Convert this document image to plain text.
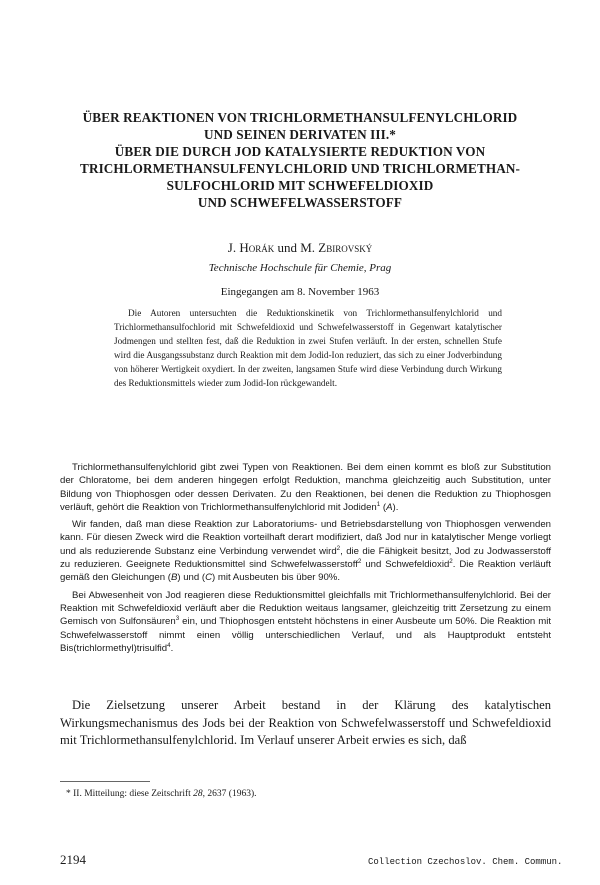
ÜBER REAKTIONEN VON TRICHLORMETHANSULFENYLCHLORID
UND SEINEN DERIVATEN III.*
ÜBER DIE DURCH JOD KATALYSIERTE REDUKTION VON
TRICHLORMETHANSULFENYLCHLORID UND TRICHLORMETHAN-
SULFOCHLORID MIT SCHWEFELDIOXID
UND SCHWEFELWASSERSTOFF
J. Horák und M. Zbirovský
Technische Hochschule für Chemie, Prag
Eingegangen am 8. November 1963

Die Autoren untersuchten die Reduktionskinetik von Trichlormethansulfenylchlorid und Trichlormethansulfochlorid mit Schwefeldioxid und Schwefelwasserstoff in Gegenwart katalytischer Jodmengen und stellten fest, daß die Reduktion in zwei Stufen verläuft. In der ersten, schnellen Stufe wird die Ausgangssubstanz durch Reaktion mit dem Jodid-Ion reduziert, das sich zu einer Jodverbindung von höherer Wertigkeit oxydiert. In der zweiten, langsamen Stufe wird diese Verbindung durch Wirkung des Reduktionsmittels wieder zum Jodid-Ion rückgewandelt.

Trichlormethansulfenylchlorid gibt zwei Typen von Reaktionen. Bei dem einen kommt es bloß zur Substitution der Chloratome, bei dem anderen hingegen erfolgt Reduktion, manchma gleichzeitig auch Substitution, unter Bildung von Thiophosgen oder dessen Derivaten. Zu den Reaktionen, bei denen die Reduktion zu Thiophosgen verläuft, gehört die Reaktion von Trichlormethansulfenylchlorid mit Jodiden$^1$ (A).

Wir fanden, daß man diese Reaktion zur Laboratoriums- und Betriebsdarstellung von Thiophosgen verwenden kann. Für diesen Zweck wird die Reaktion vorteilhaft derart modifiziert, daß Jod nur in katalytischer Menge vorliegt und als reduzierende Substanz eine Verbindung verwendet wird$^2$, die die Fähigkeit besitzt, Jod zu Jodwasserstoff zu reduzieren. Geeignete Reduktionsmittel sind Schwefelwasserstoff$^2$ und Schwefeldioxid$^2$. Die Reaktion verläuft gemäß den Gleichungen (B) und (C) mit Ausbeuten bis über 90%.

Bei Abwesenheit von Jod reagieren diese Reduktionsmittel gleichfalls mit Trichlormethansulfenylchlorid. Bei der Reaktion mit Schwefeldioxid verläuft aber die Reduktion weitaus langsamer, gleichzeitig tritt Zersetzung zu einem Gemisch von Sulfonsäuren$^3$ ein, und Thiophosgen entsteht höchstens in einer Ausbeute um 50%. Die Reaktion mit Schwefelwasserstoff nimmt einen völlig unterschiedlichen Verlauf, und als Hauptprodukt entsteht Bis(trichlormethyl)trisulfid$^4$.

Die Zielsetzung unserer Arbeit bestand in der Klärung des katalytischen Wirkungsmechanismus des Jods bei der Reaktion von Schwefelwasserstoff und Schwefeldioxid mit Trichlormethansulfenylchlorid. Im Verlauf unserer Arbeit erwies es sich, daß

* II. Mitteilung: diese Zeitschrift 28, 2637 (1963).
2194	Collection Czechoslov. Chem. Commun.
